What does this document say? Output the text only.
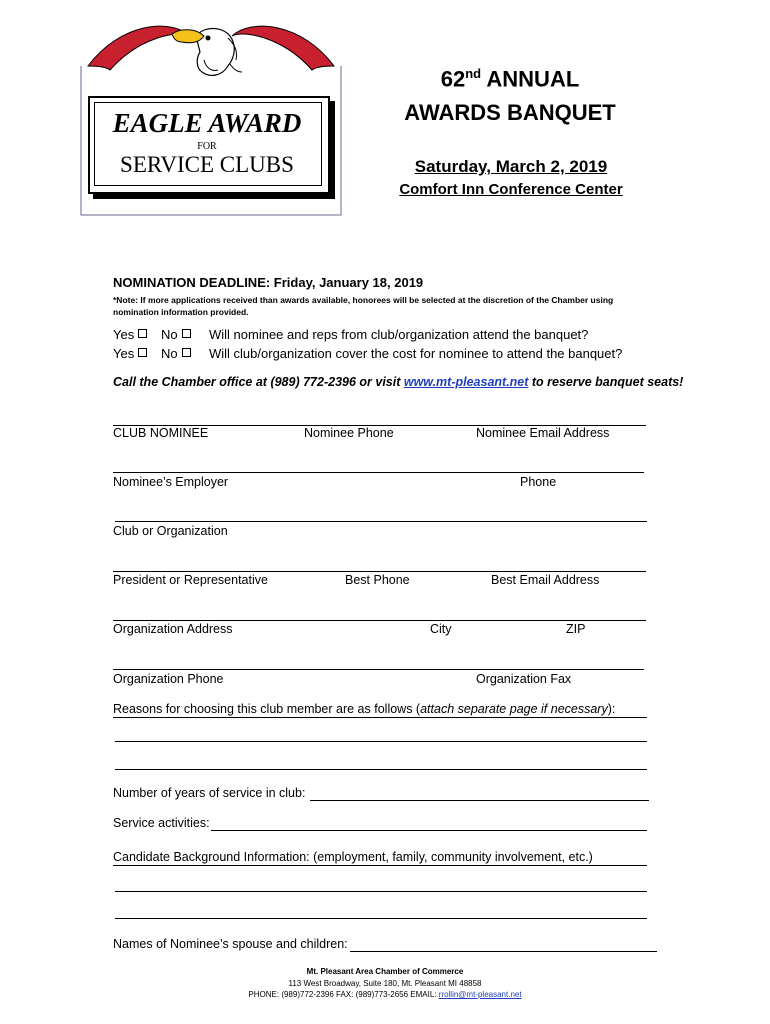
EAGLE AWARD
FOR
SERVICE CLUBS
62nd ANNUAL
AWARDS BANQUET
Saturday, March 2, 2019
Comfort Inn Conference Center
NOMINATION DEADLINE: Friday, January 18, 2019
*Note: If more applications received than awards available, honorees will be selected at the discretion of the Chamber using nomination information provided.
Yes	No	Will nominee and reps from club/organization attend the banquet?
Yes	No	Will club/organization cover the cost for nominee to attend the banquet?
Call the Chamber office at (989) 772-2396 or visit www.mt-pleasant.net to reserve banquet seats!
CLUB NOMINEE	Nominee Phone	Nominee Email Address
Nominee’s Employer	Phone
Club or Organization
President or Representative	Best Phone	Best Email Address
Organization Address	City	ZIP
Organization Phone	Organization Fax
Reasons for choosing this club member are as follows (attach separate page if necessary):
Number of years of service in club:
Service activities:
Candidate Background Information: (employment, family, community involvement, etc.)
Names of Nominee’s spouse and children:
Mt. Pleasant Area Chamber of Commerce
113 West Broadway, Suite 180, Mt. Pleasant MI 48858
PHONE: (989)772-2396 FAX: (989)773-2656 EMAIL: rrollin@mt-pleasant.net
